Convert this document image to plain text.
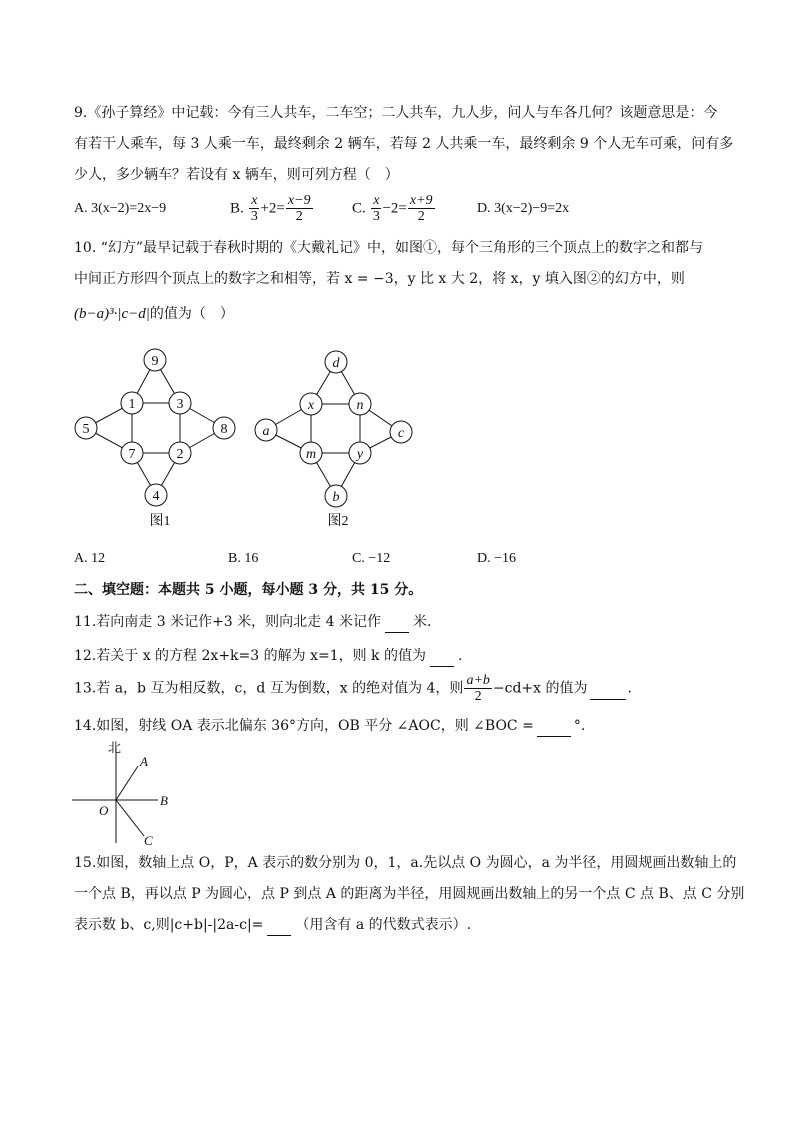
9.《孙子算经》中记载：今有三人共车，二车空；二人共车，九人步，问人与车各几何？该题意思是：今
有若干人乘车，每 3 人乘一车，最终剩余 2 辆车，若每 2 人共乘一车，最终剩余 9 个人无车可乘，问有多
少人，多少辆车？若设有 x 辆车，则可列方程（　）
A. 3(x−2)=2x−9	B. $\frac{x}{3} +2= \frac{x-9}{2}$	C. $\frac{x}{3} -2= \frac{x+9}{2}$	D. 3(x−2)−9=2x
10. “幻方”最早记载于春秋时期的《大戴礼记》中，如图①，每个三角形的三个顶点上的数字之和都与
中间正方形四个顶点上的数字之和相等，若 x = −3，y 比 x 大 2，将 x，y 填入图②的幻方中，则
(b−a)³·|c−d|的值为（　）
9
1	3
5	8
7	2
4
图1
d
x	n
a	c
m	y
b
图2
A. 12	B. 16	C. −12	D. −16
二、填空题：本题共 5 小题，每小题 3 分，共 15 分。
11.若向南走 3 米记作+3 米，则向北走 4 米记作 米.
12.若关于 x 的方程 2x+k=3 的解为 x=1，则 k 的值为 .
13.若 a，b 互为相反数，c，d 互为倒数，x 的绝对值为 4，则 $\frac{a+b}{2} -cd+x$ 的值为	.
14.如图，射线 OA 表示北偏东 36°方向，OB 平分 ∠AOC，则 ∠BOC =	°.
北
A
B
C
O
15.如图，数轴上点 O，P，A 表示的数分别为 0，1，a.先以点 O 为圆心，a 为半径，用圆规画出数轴上的
一个点 B，再以点 P 为圆心，点 P 到点 A 的距离为半径，用圆规画出数轴上的另一个点 C 点 B、点 C 分别
表示数 b、c,则|c+b|-|2a-c|= （用含有 a 的代数式表示）.
